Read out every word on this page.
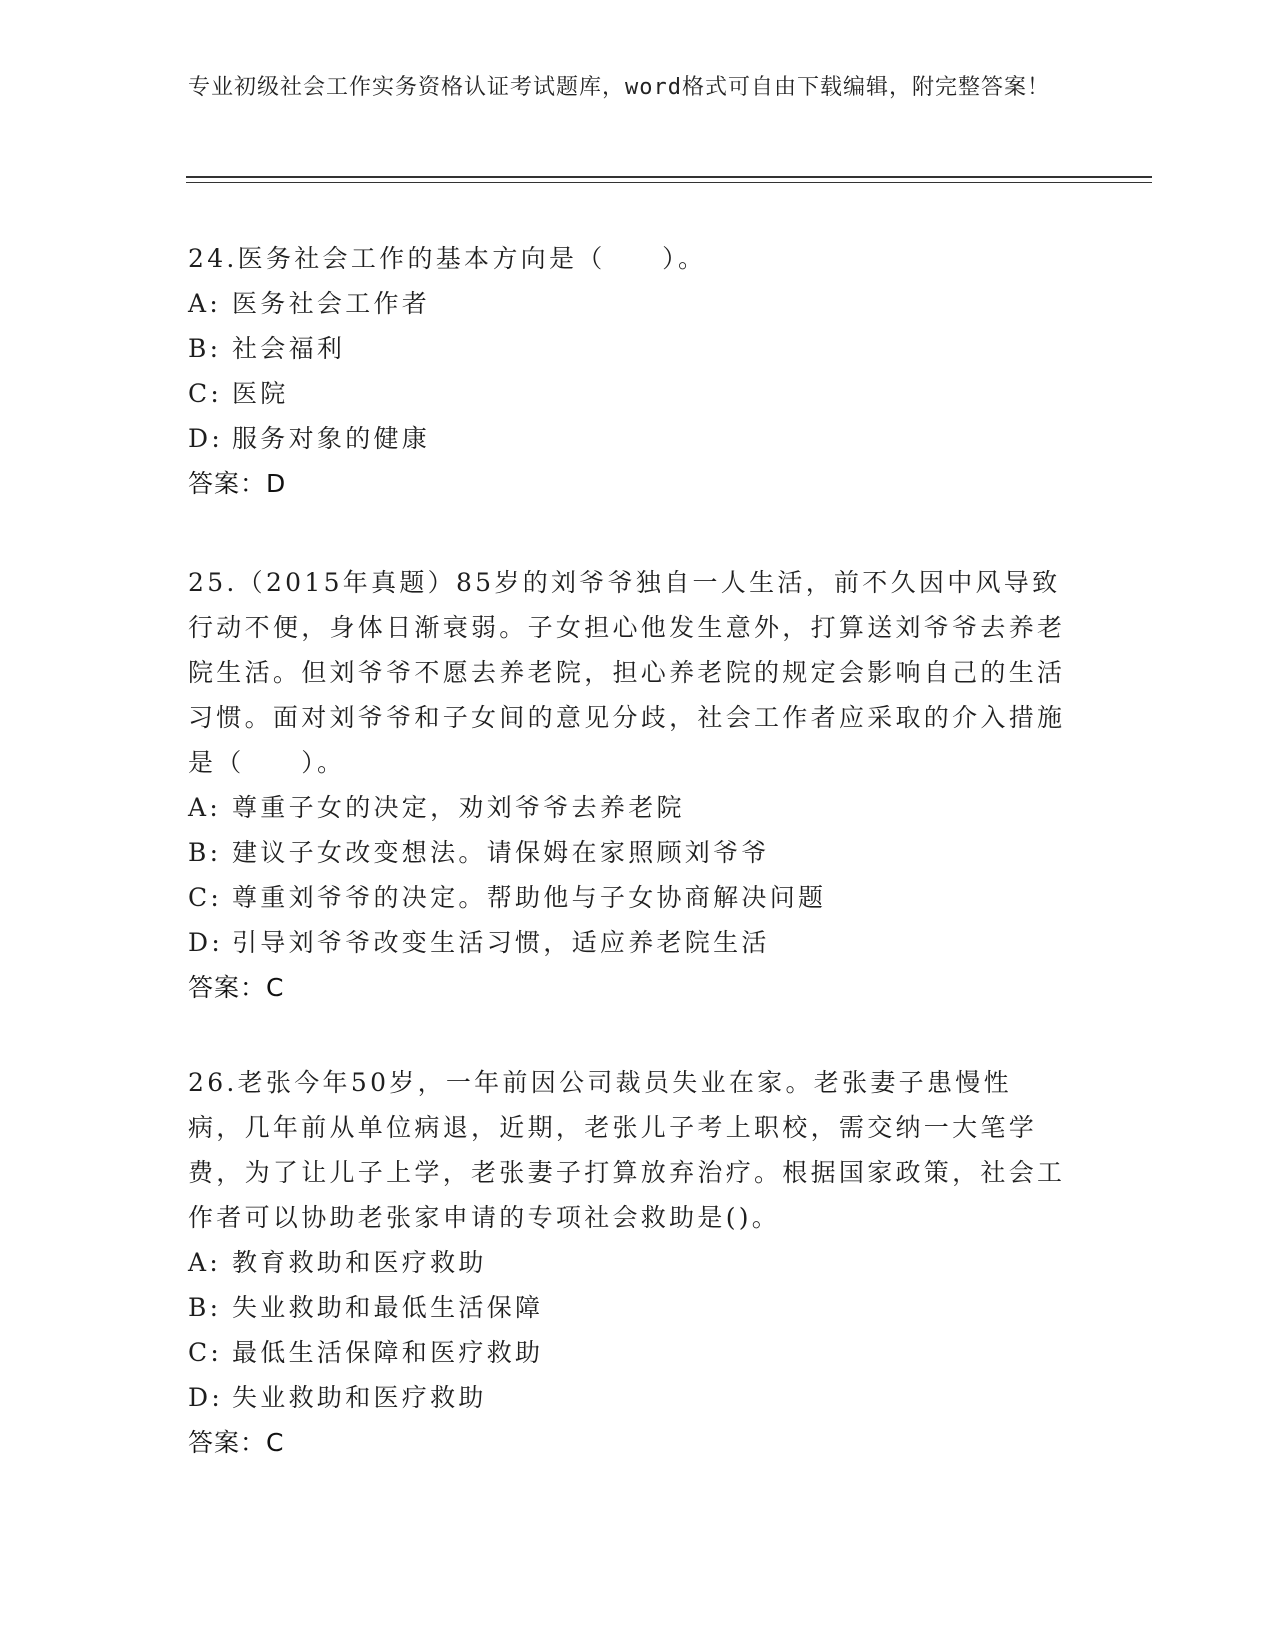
专业初级社会工作实务资格认证考试题库，word格式可自由下载编辑，附完整答案！

24.医务社会工作的基本方向是（　　）。

A: 医务社会工作者

B: 社会福利

C: 医院

D: 服务对象的健康

答案：D

25.（2015年真题）85岁的刘爷爷独自一人生活，前不久因中风导致行动不便，身体日渐衰弱。子女担心他发生意外，打算送刘爷爷去养老院生活。但刘爷爷不愿去养老院，担心养老院的规定会影响自己的生活习惯。面对刘爷爷和子女间的意见分歧，社会工作者应采取的介入措施是（　　）。

A: 尊重子女的决定，劝刘爷爷去养老院

B: 建议子女改变想法。请保姆在家照顾刘爷爷

C: 尊重刘爷爷的决定。帮助他与子女协商解决问题

D: 引导刘爷爷改变生活习惯，适应养老院生活

答案：C

26.老张今年50岁，一年前因公司裁员失业在家。老张妻子患慢性病，几年前从单位病退，近期，老张儿子考上职校，需交纳一大笔学费，为了让儿子上学，老张妻子打算放弃治疗。根据国家政策，社会工作者可以协助老张家申请的专项社会救助是()。

A: 教育救助和医疗救助

B: 失业救助和最低生活保障

C: 最低生活保障和医疗救助

D: 失业救助和医疗救助

答案：C
